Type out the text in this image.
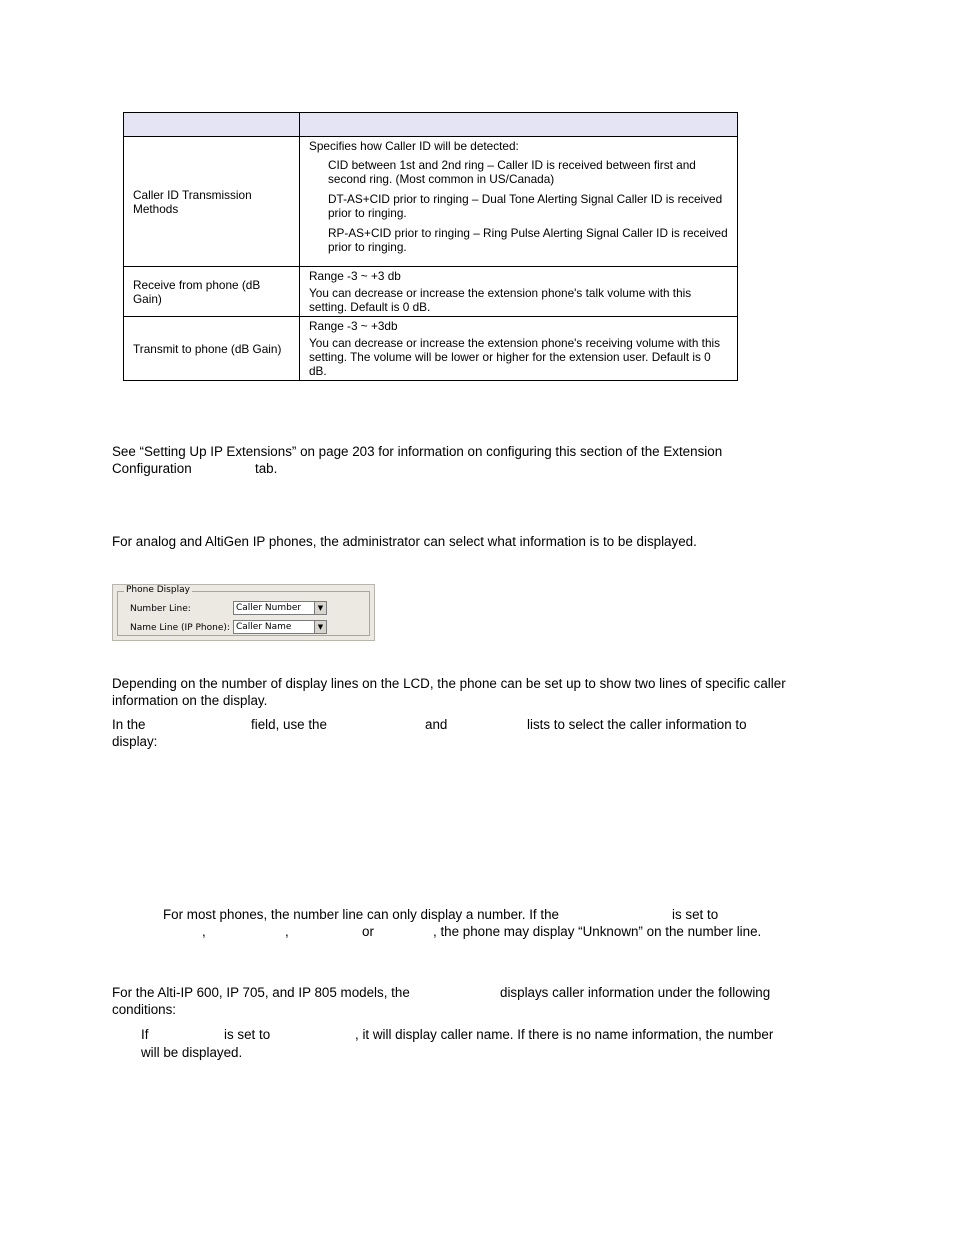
Caller ID Transmission Methods	Specifies how Caller ID will be detected:

CID between 1st and 2nd ring – Caller ID is received between first and second ring. (Most common in US/Canada)

DT-AS+CID prior to ringing – Dual Tone Alerting Signal Caller ID is received prior to ringing.

RP-AS+CID prior to ringing – Ring Pulse Alerting Signal Caller ID is received prior to ringing.

Receive from phone (dB Gain)	Range -3 ~ +3 db

You can decrease or increase the extension phone's talk volume with this setting. Default is 0 dB.

Transmit to phone (dB Gain)	Range -3 ~ +3db

You can decrease or increase the extension phone's receiving volume with this setting. The volume will be lower or higher for the extension user. Default is 0 dB.

See “Setting Up IP Extensions” on page 203 for information on configuring this section of the Extension

Configuration	tab.

For analog and AltiGen IP phones, the administrator can select what information is to be displayed.

Phone Display
Number Line:	Caller Number	▼
Name Line (IP Phone): Caller Name	▼

Depending on the number of display lines on the LCD, the phone can be set up to show two lines of specific caller information on the display.

In the	field, use the	and	lists to select the caller information to
display:
For most phones, the number line can only display a number. If the	is set to
,	,	or	, the phone may display “Unknown” on the number line.
For the Alti-IP 600, IP 705, and IP 805 models, the	displays caller information under the following
conditions:
If	is set to	, it will display caller name. If there is no name information, the number
will be displayed.
